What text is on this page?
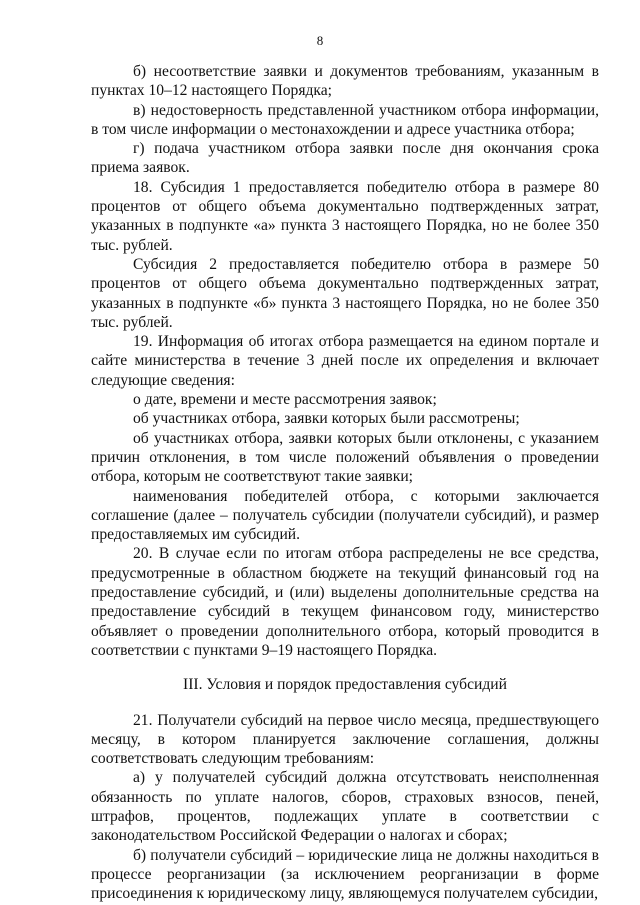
8

б) несоответствие заявки и документов требованиям, указанным в пунктах 10–12 настоящего Порядка;

в) недостоверность представленной участником отбора информации, в том числе информации о местонахождении и адресе участника отбора;

г) подача участником отбора заявки после дня окончания срока приема заявок.

18. Субсидия 1 предоставляется победителю отбора в размере 80 процентов от общего объема документально подтвержденных затрат, указанных в подпункте «а» пункта 3 настоящего Порядка, но не более 350 тыс. рублей.

Субсидия 2 предоставляется победителю отбора в размере 50 процентов от общего объема документально подтвержденных затрат, указанных в подпункте «б» пункта 3 настоящего Порядка, но не более 350 тыс. рублей.

19. Информация об итогах отбора размещается на едином портале и сайте министерства в течение 3 дней после их определения и включает следующие сведения:

о дате, времени и месте рассмотрения заявок;

об участниках отбора, заявки которых были рассмотрены;

об участниках отбора, заявки которых были отклонены, с указанием причин отклонения, в том числе положений объявления о проведении отбора, которым не соответствуют такие заявки;

наименования победителей отбора, с которыми заключается соглашение (далее – получатель субсидии (получатели субсидий), и размер предоставляемых им субсидий.

20. В случае если по итогам отбора распределены не все средства, предусмотренные в областном бюджете на текущий финансовый год на предоставление субсидий, и (или) выделены дополнительные средства на предоставление субсидий в текущем финансовом году, министерство объявляет о проведении дополнительного отбора, который проводится в соответствии с пунктами 9–19 настоящего Порядка.

III. Условия и порядок предоставления субсидий

21. Получатели субсидий на первое число месяца, предшествующего месяцу, в котором планируется заключение соглашения, должны соответствовать следующим требованиям:

а) у получателей субсидий должна отсутствовать неисполненная обязанность по уплате налогов, сборов, страховых взносов, пеней, штрафов, процентов, подлежащих уплате в соответствии с законодательством Российской Федерации о налогах и сборах;

б) получатели субсидий – юридические лица не должны находиться в процессе реорганизации (за исключением реорганизации в форме присоединения к юридическому лицу, являющемуся получателем субсидии,
